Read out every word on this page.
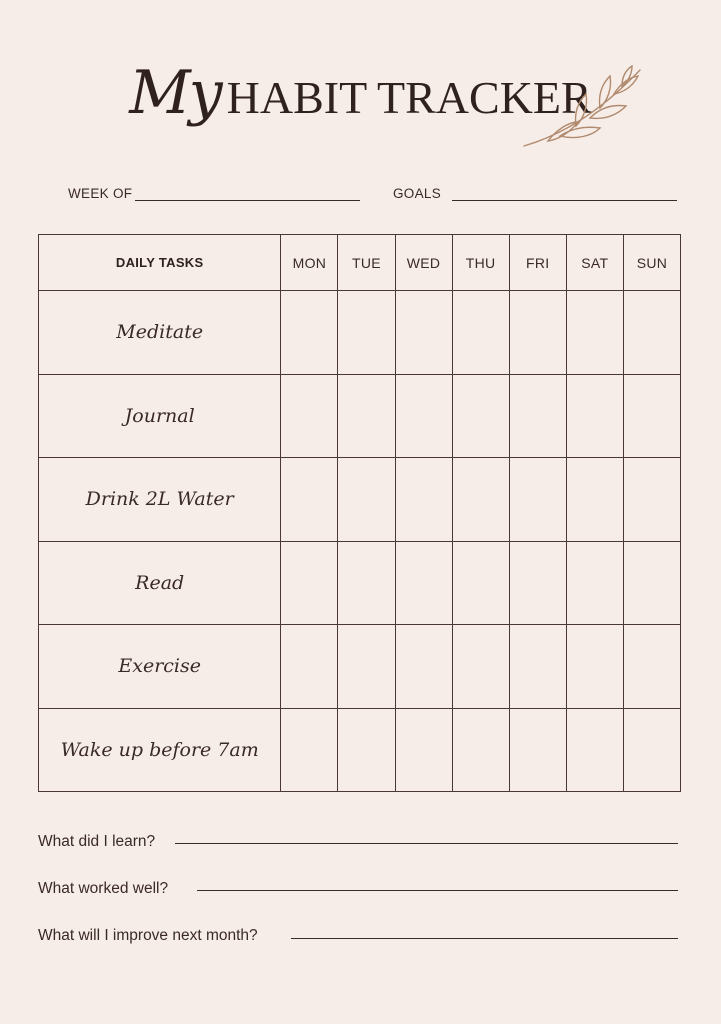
My HABIT TRACKER
WEEK OF	GOALS
DAILY TASKS	MON	TUE	WED	THU	FRI	SAT	SUN
Meditate							
Journal							
Drink 2L Water							
Read							
Exercise							
Wake up before 7am							
What did I learn?
What worked well?
What will I improve next month?
